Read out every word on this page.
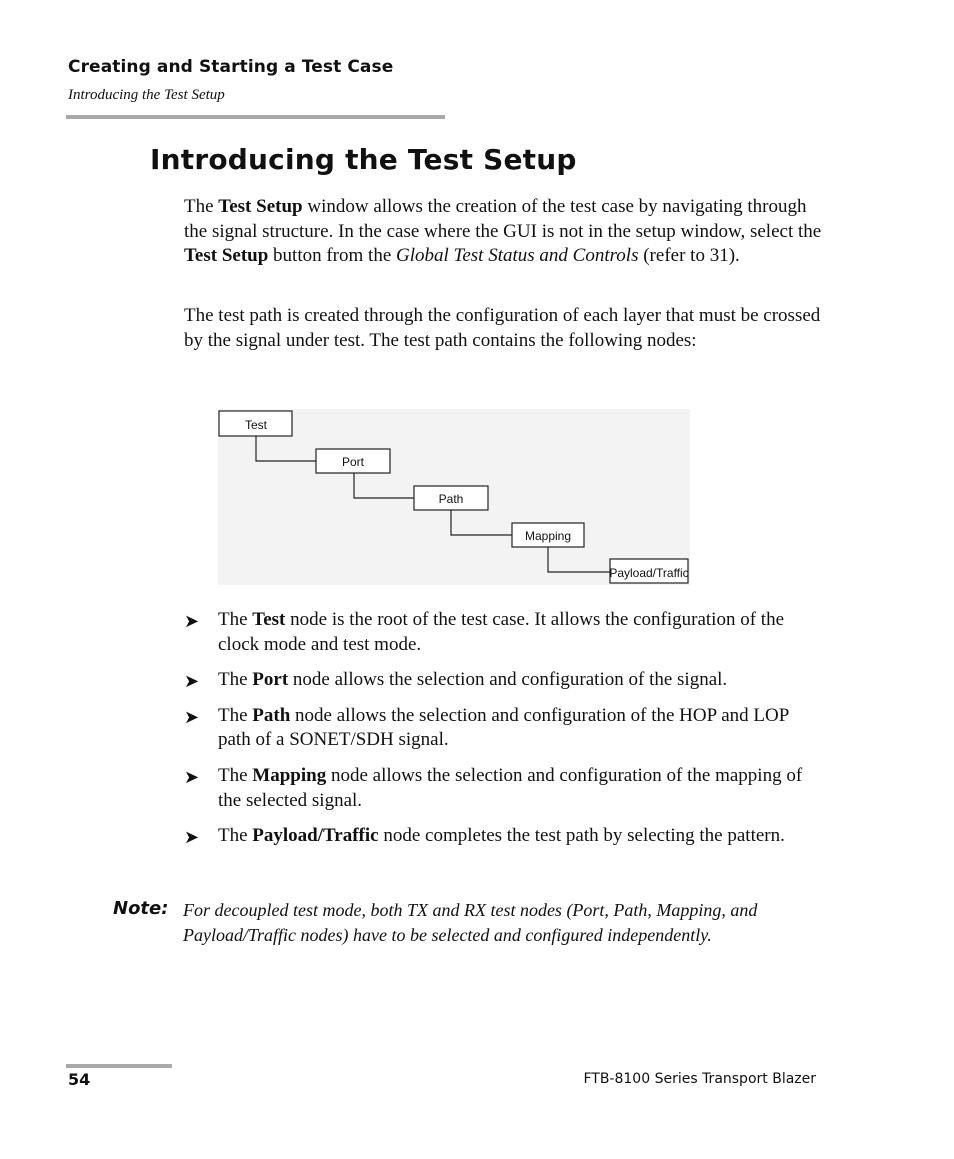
Creating and Starting a Test Case
Introducing the Test Setup
Introducing the Test Setup

The Test Setup window allows the creation of the test case by navigating through the signal structure. In the case where the GUI is not in the setup window, select the Test Setup button from the Global Test Status and Controls (refer to 31).

The test path is created through the configuration of each layer that must be crossed by the signal under test. The test path contains the following nodes:

Test
Port
Path
Mapping
Payload/Traffic
➤ The Test node is the root of the test case. It allows the configuration of the clock mode and test mode.
➤ The Port node allows the selection and configuration of the signal.
➤ The Path node allows the selection and configuration of the HOP and LOP path of a SONET/SDH signal.
➤ The Mapping node allows the selection and configuration of the mapping of the selected signal.
➤ The Payload/Traffic node completes the test path by selecting the pattern.
Note: For decoupled test mode, both TX and RX test nodes (Port, Path, Mapping, and Payload/Traffic nodes) have to be selected and configured independently.

54	FTB-8100 Series Transport Blazer
